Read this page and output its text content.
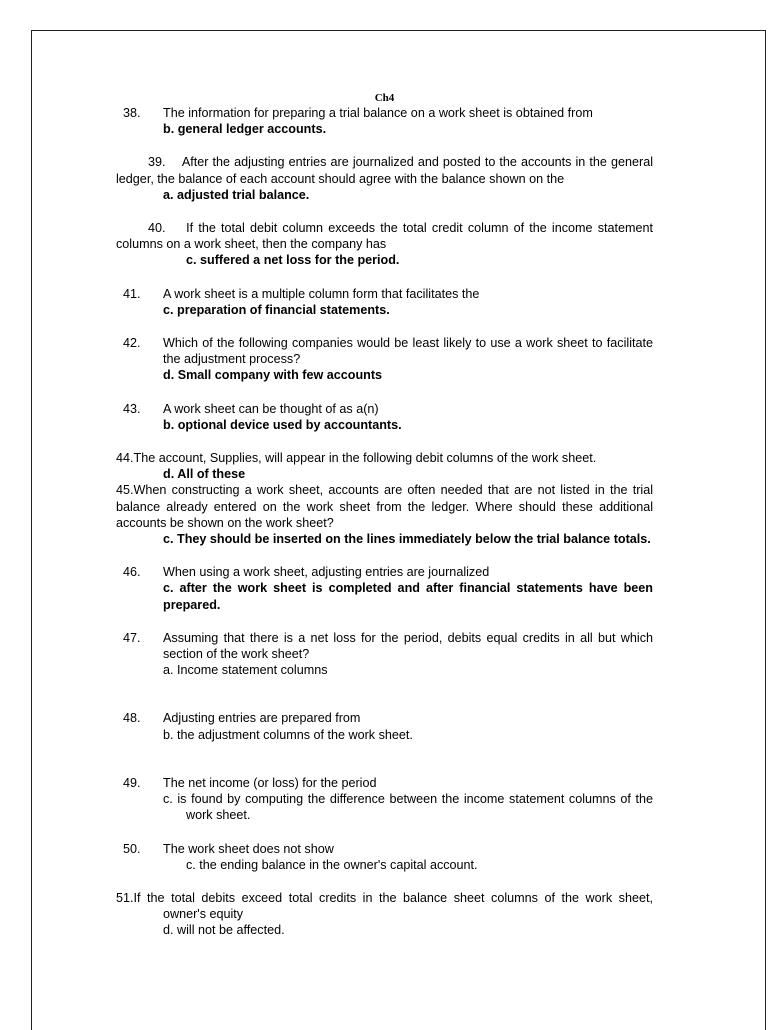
Ch4
38.	The information for preparing a trial balance on a work sheet is obtained from
b. general ledger accounts.
39. After the adjusting entries are journalized and posted to the accounts in the general ledger, the balance of each account should agree with the balance shown on the
a. adjusted trial balance.
40. If the total debit column exceeds the total credit column of the income statement columns on a work sheet, then the company has
c. suffered a net loss for the period.
41.	A work sheet is a multiple column form that facilitates the
c. preparation of financial statements.
42.	Which of the following companies would be least likely to use a work sheet to facilitate the adjustment process?
d. Small company with few accounts
43.	A work sheet can be thought of as a(n)
b. optional device used by accountants.
44.The account, Supplies, will appear in the following debit columns of the work sheet.
d. All of these
45.When constructing a work sheet, accounts are often needed that are not listed in the trial balance already entered on the work sheet from the ledger. Where should these additional accounts be shown on the work sheet?
c. They should be inserted on the lines immediately below the trial balance totals.
46.	When using a work sheet, adjusting entries are journalized
c. after the work sheet is completed and after financial statements have been prepared.
47.	Assuming that there is a net loss for the period, debits equal credits in all but which section of the work sheet?
a. Income statement columns
48.	Adjusting entries are prepared from
b. the adjustment columns of the work sheet.
49.	The net income (or loss) for the period
c. is found by computing the difference between the income statement columns of the work sheet.
50.	The work sheet does not show
c. the ending balance in the owner's capital account.
51.If the total debits exceed total credits in the balance sheet columns of the work sheet, owner's equity
d. will not be affected.
